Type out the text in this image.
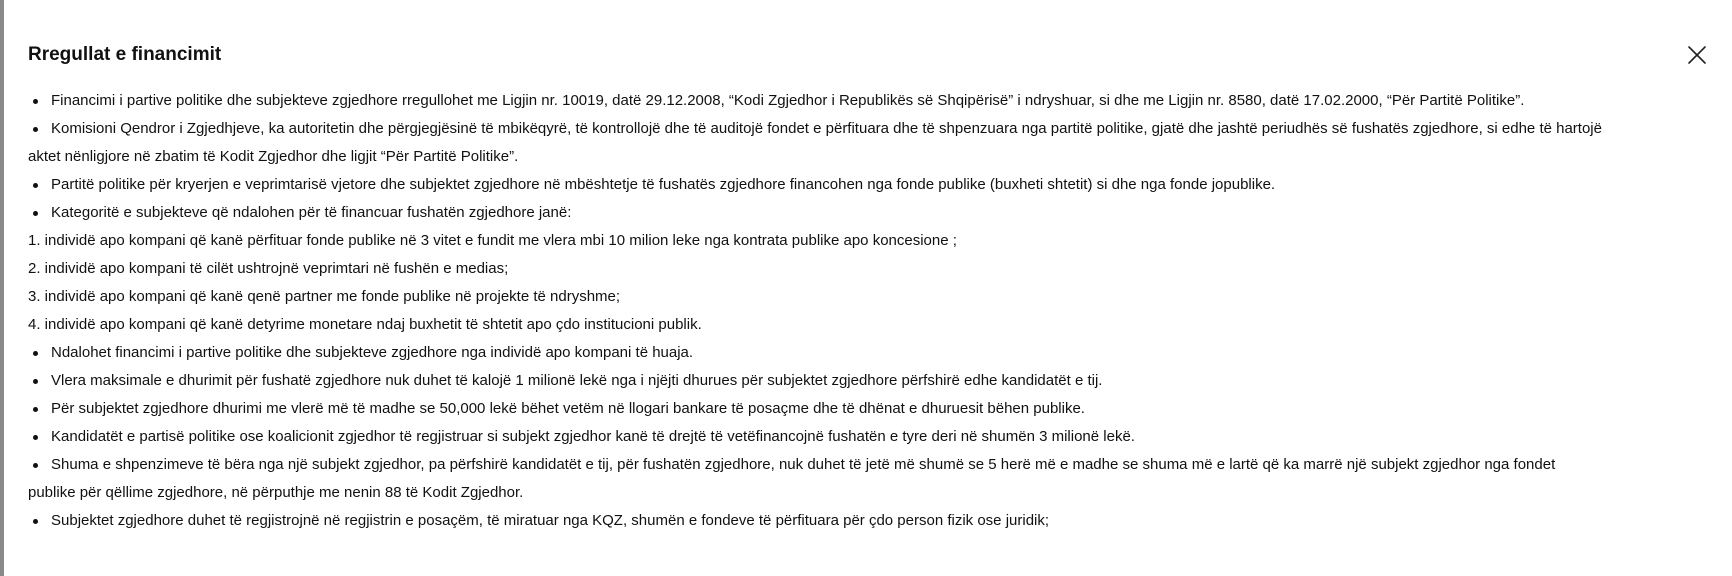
Rregullat e financimit

Financimi i partive politike dhe subjekteve zgjedhore rregullohet me Ligjin nr. 10019, datë 29.12.2008, “Kodi Zgjedhor i Republikës së Shqipërisë” i ndryshuar, si dhe me Ligjin nr. 8580, datë 17.02.2000, “Për Partitë Politike”.

Komisioni Qendror i Zgjedhjeve, ka autoritetin dhe përgjegjësinë të mbikëqyrë, të kontrollojë dhe të auditojë fondet e përfituara dhe të shpenzuara nga partitë politike, gjatë dhe jashtë periudhës së fushatës zgjedhore, si edhe të hartojë

aktet nënligjore në zbatim të Kodit Zgjedhor dhe ligjit “Për Partitë Politike”.

Partitë politike për kryerjen e veprimtarisë vjetore dhe subjektet zgjedhore në mbështetje të fushatës zgjedhore financohen nga fonde publike (buxheti shtetit) si dhe nga fonde jopublike.

Kategoritë e subjekteve që ndalohen për të financuar fushatën zgjedhore janë:

1. individë apo kompani që kanë përfituar fonde publike në 3 vitet e fundit me vlera mbi 10 milion leke nga kontrata publike apo koncesione ;

2. individë apo kompani të cilët ushtrojnë veprimtari në fushën e medias;

3. individë apo kompani që kanë qenë partner me fonde publike në projekte të ndryshme;

4. individë apo kompani që kanë detyrime monetare ndaj buxhetit të shtetit apo çdo institucioni publik.

Ndalohet financimi i partive politike dhe subjekteve zgjedhore nga individë apo kompani të huaja.

Vlera maksimale e dhurimit për fushatë zgjedhore nuk duhet të kalojë 1 milionë lekë nga i njëjti dhurues për subjektet zgjedhore përfshirë edhe kandidatët e tij.

Për subjektet zgjedhore dhurimi me vlerë më të madhe se 50,000 lekë bëhet vetëm në llogari bankare të posaçme dhe të dhënat e dhuruesit bëhen publike.

Kandidatët e partisë politike ose koalicionit zgjedhor të regjistruar si subjekt zgjedhor kanë të drejtë të vetëfinancojnë fushatën e tyre deri në shumën 3 milionë lekë.

Shuma e shpenzimeve të bëra nga një subjekt zgjedhor, pa përfshirë kandidatët e tij, për fushatën zgjedhore, nuk duhet të jetë më shumë se 5 herë më e madhe se shuma më e lartë që ka marrë një subjekt zgjedhor nga fondet

publike për qëllime zgjedhore, në përputhje me nenin 88 të Kodit Zgjedhor.

Subjektet zgjedhore duhet të regjistrojnë në regjistrin e posaçëm, të miratuar nga KQZ, shumën e fondeve të përfituara për çdo person fizik ose juridik;
